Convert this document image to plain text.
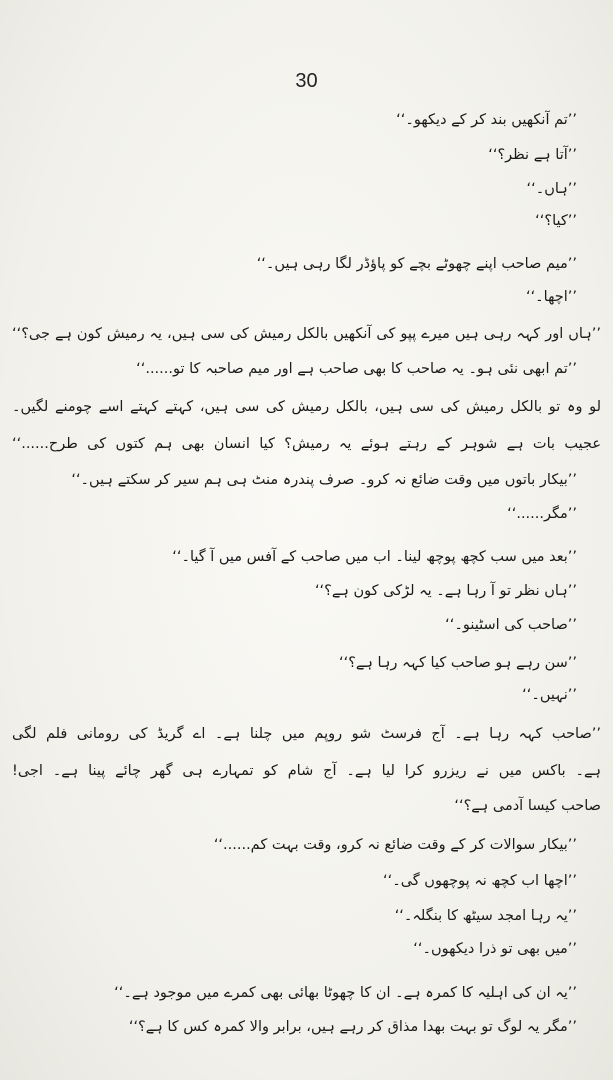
30
’’تم آنکھیں بند کر کے دیکھو۔‘‘
’’آتا ہے نظر؟‘‘
’’ہاں۔‘‘
’’کیا؟‘‘
’’میم صاحب اپنے چھوٹے بچے کو پاؤڈر لگا رہی ہیں۔‘‘
’’اچھا۔‘‘
’’ہاں اور کہہ رہی ہیں میرے پپو کی آنکھیں بالکل رمیش کی سی ہیں، یہ رمیش کون ہے جی؟‘‘
’’تم ابھی نئی ہو۔ یہ صاحب کا بھی صاحب ہے اور میم صاحبہ کا تو......‘‘
لو وہ تو بالکل رمیش کی سی ہیں، بالکل رمیش کی سی ہیں، کہتے کہتے اسے چومنے لگیں۔
عجیب بات ہے شوہر کے رہتے ہوئے یہ رمیش؟ کیا انسان بھی ہم کتوں کی طرح......‘‘
’’بیکار باتوں میں وقت ضائع نہ کرو۔ صرف پندرہ منٹ ہی ہم سیر کر سکتے ہیں۔‘‘
’’مگر......‘‘
’’بعد میں سب کچھ پوچھ لینا۔ اب میں صاحب کے آفس میں آ گیا۔‘‘
’’ہاں نظر تو آ رہا ہے۔ یہ لڑکی کون ہے؟‘‘
’’صاحب کی اسٹینو۔‘‘
’’سن رہے ہو صاحب کیا کہہ رہا ہے؟‘‘
’’نہیں۔‘‘
’’صاحب کہہ رہا ہے۔ آج فرسٹ شو روپم میں چلنا ہے۔ اے گریڈ کی رومانی فلم لگی
ہے۔ باکس میں نے ریزرو کرا لیا ہے۔ آج شام کو تمہارے ہی گھر چائے پینا ہے۔ اجی!
صاحب کیسا آدمی ہے؟‘‘
’’بیکار سوالات کر کے وقت ضائع نہ کرو، وقت بہت کم......‘‘
’’اچھا اب کچھ نہ پوچھوں گی۔‘‘
’’یہ رہا امجد سیٹھ کا بنگلہ۔‘‘
’’میں بھی تو ذرا دیکھوں۔‘‘
’’یہ ان کی اہلیہ کا کمرہ ہے۔ ان کا چھوٹا بھائی بھی کمرے میں موجود ہے۔‘‘
’’مگر یہ لوگ تو بہت بھدا مذاق کر رہے ہیں، برابر والا کمرہ کس کا ہے؟‘‘
